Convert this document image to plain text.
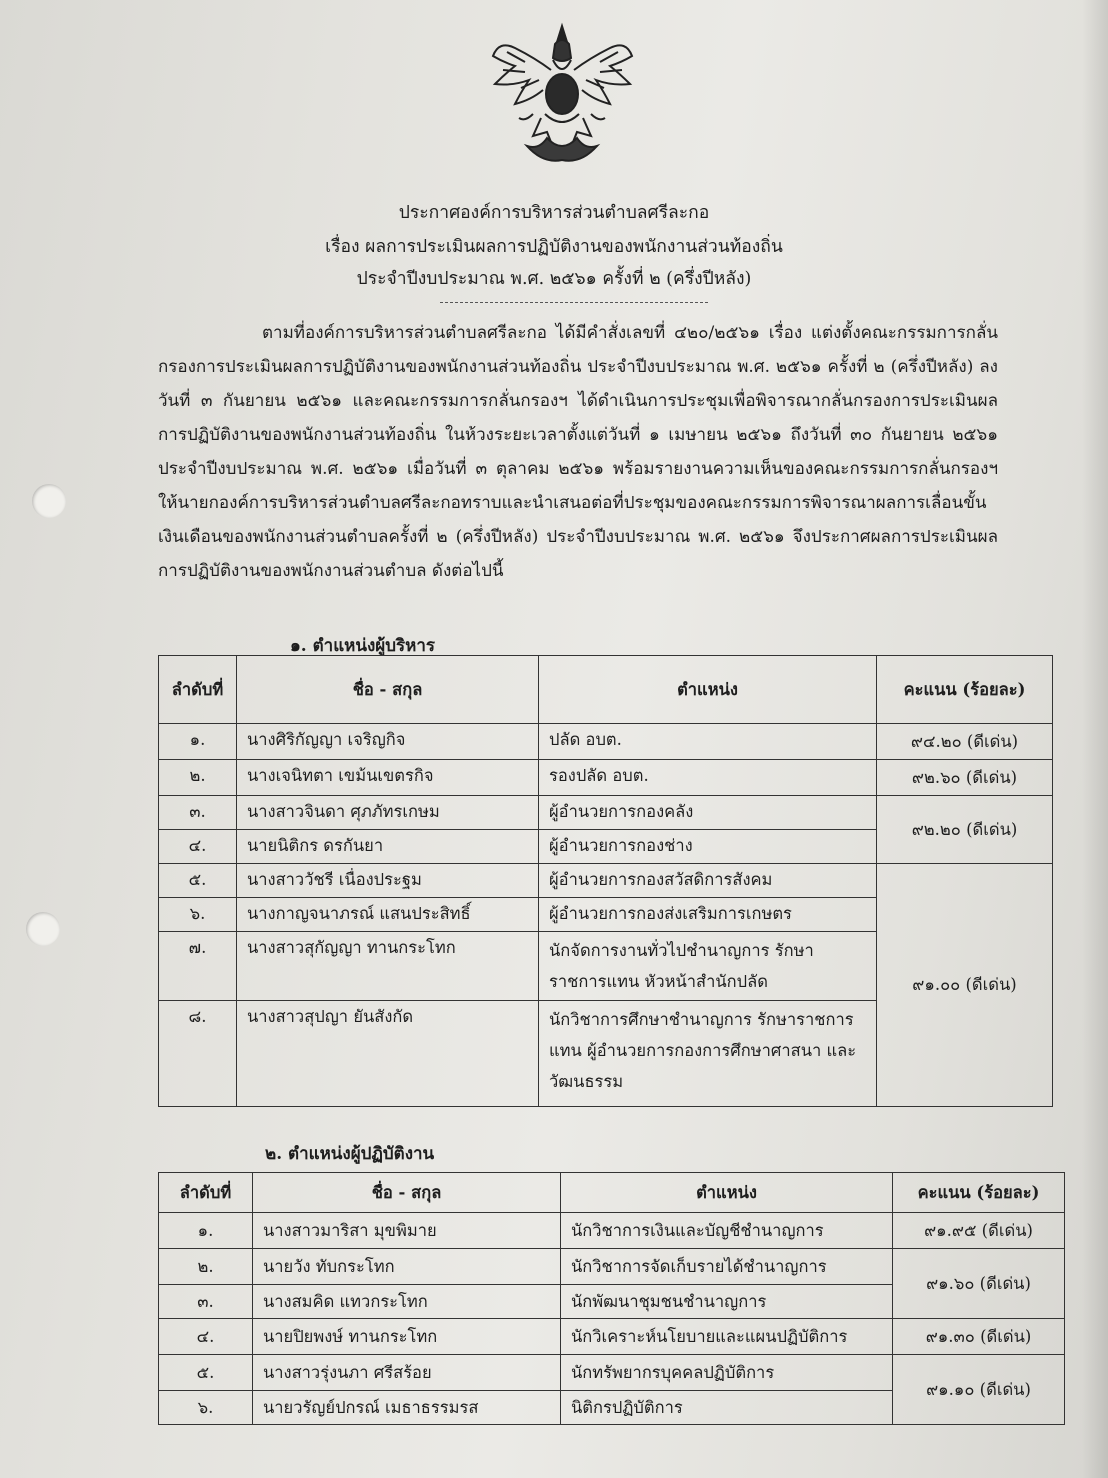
ประกาศองค์การบริหารส่วนตำบลศรีละกอ
เรื่อง ผลการประเมินผลการปฏิบัติงานของพนักงานส่วนท้องถิ่น
ประจำปีงบประมาณ พ.ศ. ๒๕๖๑ ครั้งที่ ๒ (ครึ่งปีหลัง)
ตามที่องค์การบริหารส่วนตำบลศรีละกอ ได้มีคำสั่งเลขที่ ๔๒๐/๒๕๖๑ เรื่อง แต่งตั้งคณะกรรมการกลั่นกรองการประเมินผลการปฏิบัติงานของพนักงานส่วนท้องถิ่น ประจำปีงบประมาณ พ.ศ. ๒๕๖๑ ครั้งที่ ๒ (ครึ่งปีหลัง) ลงวันที่ ๓ กันยายน ๒๕๖๑ และคณะกรรมการกลั่นกรองฯ ได้ดำเนินการประชุมเพื่อพิจารณากลั่นกรองการประเมินผลการปฏิบัติงานของพนักงานส่วนท้องถิ่น ในห้วงระยะเวลาตั้งแต่วันที่ ๑ เมษายน ๒๕๖๑ ถึงวันที่ ๓๐ กันยายน ๒๕๖๑ ประจำปีงบประมาณ พ.ศ. ๒๕๖๑ เมื่อวันที่ ๓ ตุลาคม ๒๕๖๑ พร้อมรายงานความเห็นของคณะกรรมการกลั่นกรองฯ ให้นายกองค์การบริหารส่วนตำบลศรีละกอทราบและนำเสนอต่อที่ประชุมของคณะกรรมการพิจารณาผลการเลื่อนขั้นเงินเดือนของพนักงานส่วนตำบลครั้งที่ ๒ (ครึ่งปีหลัง) ประจำปีงบประมาณ พ.ศ. ๒๕๖๑ จึงประกาศผลการประเมินผลการปฏิบัติงานของพนักงานส่วนตำบล ดังต่อไปนี้
๑. ตำแหน่งผู้บริหาร
ลำดับที่	ชื่อ - สกุล	ตำแหน่ง	คะแนน (ร้อยละ)
๑.	นางศิริกัญญา เจริญกิจ	ปลัด อบต.	๙๔.๒๐ (ดีเด่น)
๒.	นางเจนิทตา เขม้นเขตรกิจ	รองปลัด อบต.	๙๒.๖๐ (ดีเด่น)
๓.	นางสาวจินดา ศุภภัทรเกษม	ผู้อำนวยการกองคลัง	๙๒.๒๐ (ดีเด่น)
๔.	นายนิติกร ดรกันยา	ผู้อำนวยการกองช่าง	
๕.	นางสาววัชรี เนื่องประฐม	ผู้อำนวยการกองสวัสดิการสังคม	๙๑.๐๐ (ดีเด่น)
๖.	นางกาญจนาภรณ์ แสนประสิทธิ์	ผู้อำนวยการกองส่งเสริมการเกษตร	
๗.	นางสาวสุกัญญา ทานกระโทก	นักจัดการงานทั่วไปชำนาญการ รักษาราชการแทน หัวหน้าสำนักปลัด	
๘.	นางสาวสุปญา ยันสังกัด	นักวิชาการศึกษาชำนาญการ รักษาราชการแทน ผู้อำนวยการกองการศึกษาศาสนา และวัฒนธรรม	
๒. ตำแหน่งผู้ปฏิบัติงาน
ลำดับที่	ชื่อ - สกุล	ตำแหน่ง	คะแนน (ร้อยละ)
๑.	นางสาวมาริสา มุขพิมาย	นักวิชาการเงินและบัญชีชำนาญการ	๙๑.๙๕ (ดีเด่น)
๒.	นายวัง ทับกระโทก	นักวิชาการจัดเก็บรายได้ชำนาญการ	๙๑.๖๐ (ดีเด่น)
๓.	นางสมคิด แทวกระโทก	นักพัฒนาชุมชนชำนาญการ	
๔.	นายปิยพงษ์ ทานกระโทก	นักวิเคราะห์นโยบายและแผนปฏิบัติการ	๙๑.๓๐ (ดีเด่น)
๕.	นางสาวรุ่งนภา ศรีสร้อย	นักทรัพยากรบุคคลปฏิบัติการ	๙๑.๑๐ (ดีเด่น)
๖.	นายวรัญย์ปกรณ์ เมธาธรรมรส	นิติกรปฏิบัติการ	
